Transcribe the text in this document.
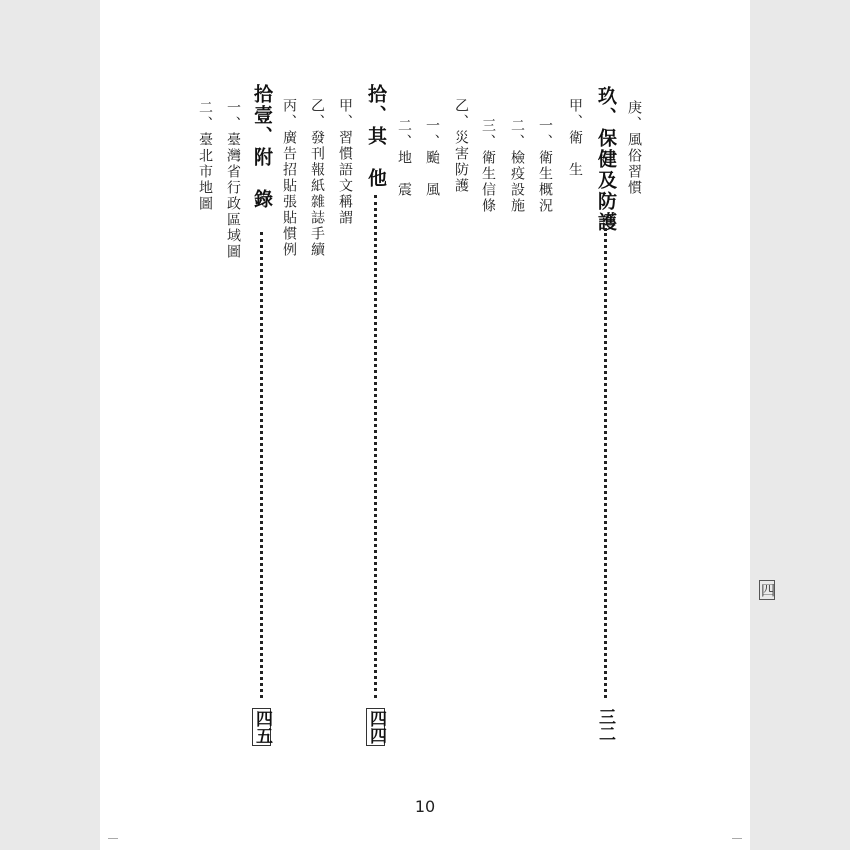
庚、風俗習慣
玖、保健及防護
三二
甲、衛　生
一、衛生概況
二、檢疫設施
三、衛生信條
乙、災害防護
一、颱　風
二、地　震
拾、其　他
四四
甲、習慣語文稱謂
乙、發刊報紙雜誌手續
丙、廣告招貼張貼慣例
拾壹、附　錄
四五
一、臺灣省行政區域圖
二、臺北市地圖
四
10
